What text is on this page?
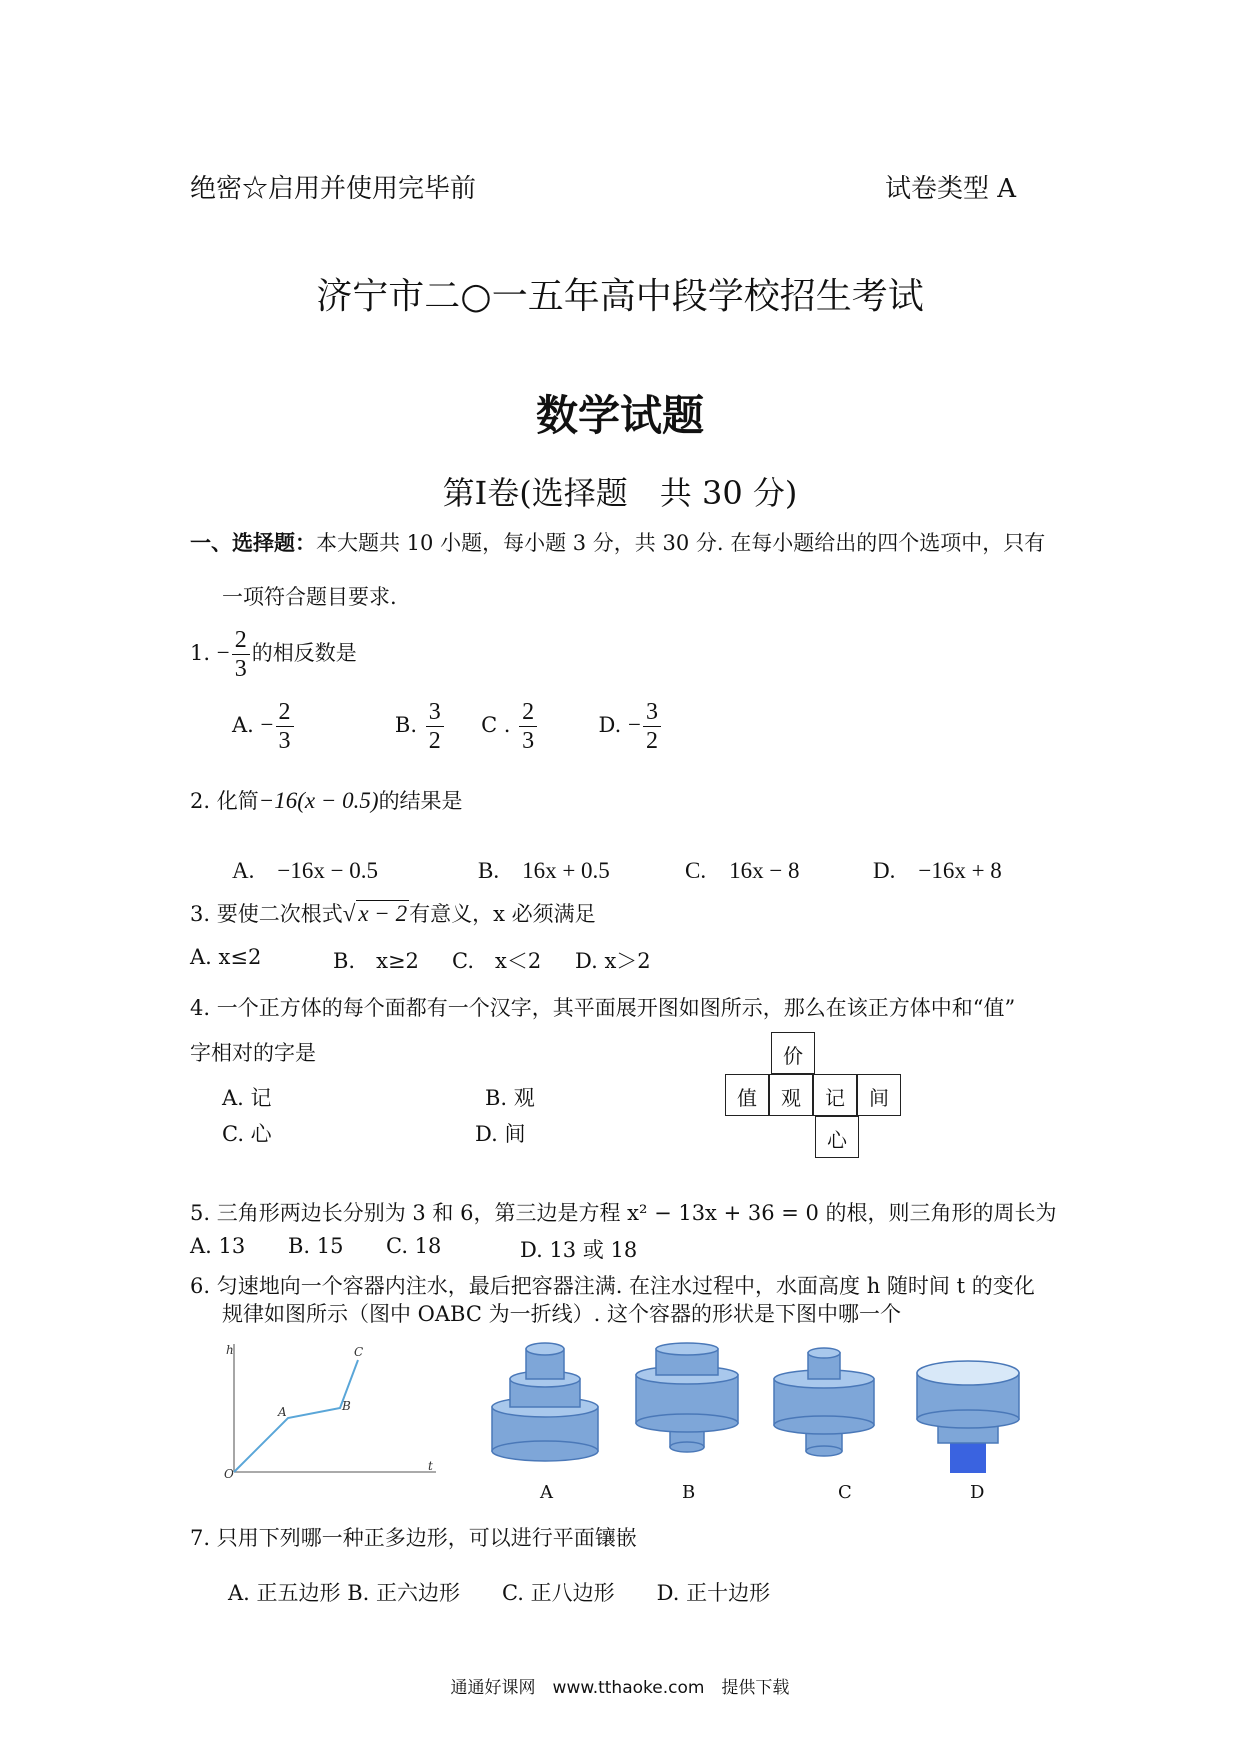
绝密☆启用并使用完毕前	试卷类型 A
济宁市二○一五年高中段学校招生考试
数学试题
第Ⅰ卷(选择题　共 30 分)
一、选择题：本大题共 10 小题，每小题 3 分，共 30 分. 在每小题给出的四个选项中，只有
一项符合题目要求.
1. − $\frac{2}{3}$ 的相反数是
A. − $\frac{2}{3}$	B. $\frac{3}{2}$ C . $\frac{2}{3}$	D. − $\frac{3}{2}$
2. 化简−16(x − 0.5)的结果是
A.　−16x − 0.5	B.　16x + 0.5	C.　16x − 8	D.　−16x + 8
3. 要使二次根式√ x − 2有意义，x 必须满足
A. x≤2	B.　x≥2 C.　x＜2 D. x＞2
4. 一个正方体的每个面都有一个汉字，其平面展开图如图所示，那么在该正方体中和“值”
字相对的字是
A. 记	B. 观
C. 心	D. 间
价
值	观	记	间
心
5. 三角形两边长分别为 3 和 6，第三边是方程 x² − 13x + 36 = 0 的根，则三角形的周长为
A. 13 B. 15 C. 18	D. 13 或 18
6. 匀速地向一个容器内注水，最后把容器注满. 在注水过程中，水面高度 h 随时间 t 的变化
规律如图所示（图中 OABC 为一折线）. 这个容器的形状是下图中哪一个
h
t
O
A	B
C
A	B	C	D
7. 只用下列哪一种正多边形，可以进行平面镶嵌
A. 正五边形 B. 正六边形　　C. 正八边形　　D. 正十边形
通通好课网　www.tthaoke.com　提供下载
